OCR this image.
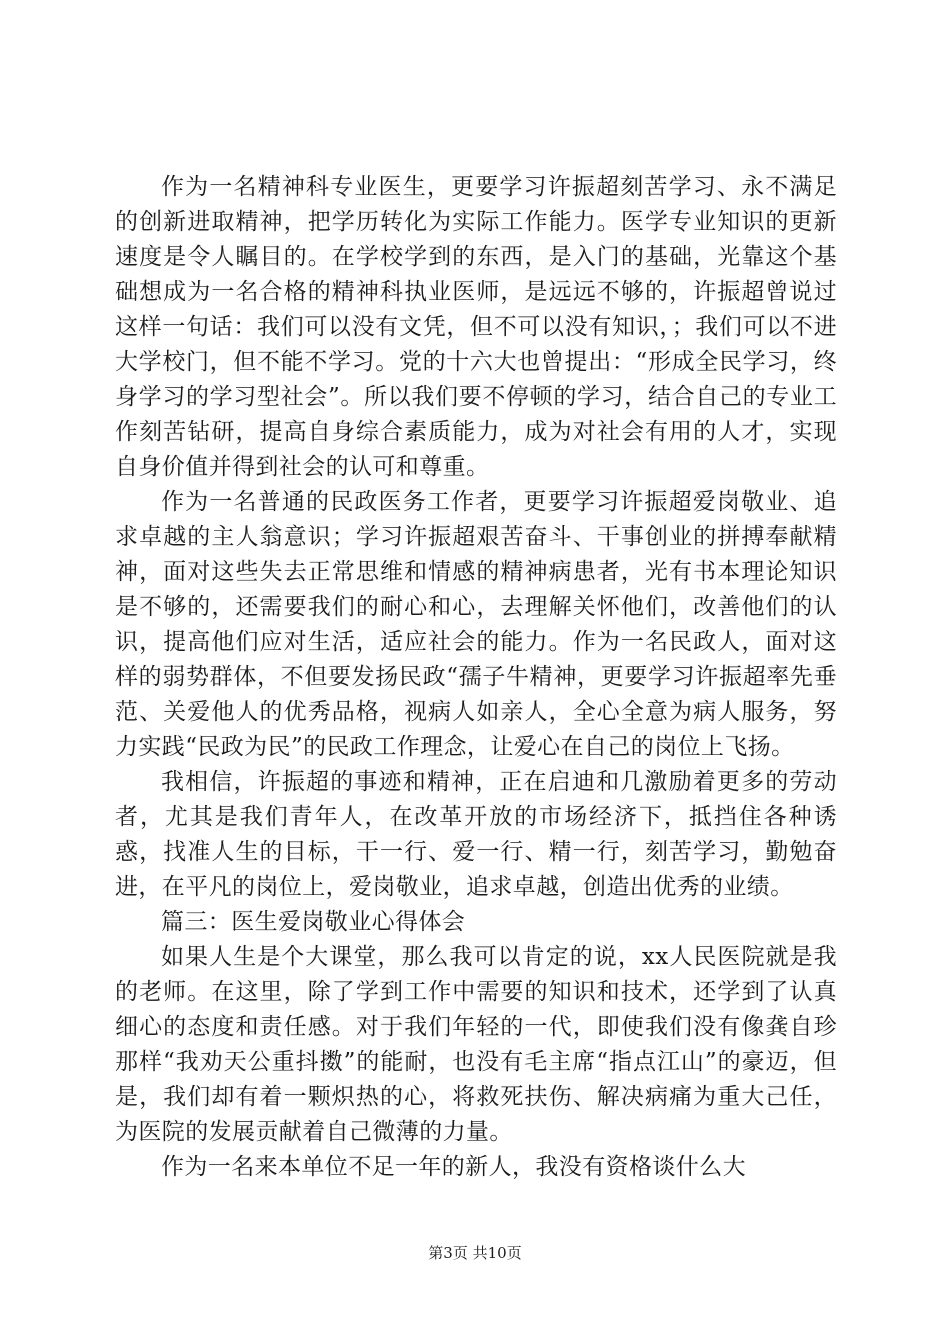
作为一名精神科专业医生，更要学习许振超刻苦学习、永不满足的创新进取精神，把学历转化为实际工作能力。医学专业知识的更新速度是令人瞩目的。在学校学到的东西，是入门的基础，光靠这个基础想成为一名合格的精神科执业医师，是远远不够的，许振超曾说过这样一句话：我们可以没有文凭，但不可以没有知识，；我们可以不进大学校门，但不能不学习。党的十六大也曾提出：“形成全民学习，终身学习的学习型社会”。所以我们要不停顿的学习，结合自己的专业工作刻苦钻研，提高自身综合素质能力，成为对社会有用的人才，实现自身价值并得到社会的认可和尊重。

作为一名普通的民政医务工作者，更要学习许振超爱岗敬业、追求卓越的主人翁意识；学习许振超艰苦奋斗、干事创业的拼搏奉献精神，面对这些失去正常思维和情感的精神病患者，光有书本理论知识是不够的，还需要我们的耐心和心，去理解关怀他们，改善他们的认识，提高他们应对生活，适应社会的能力。作为一名民政人，面对这样的弱势群体，不但要发扬民政“孺子牛精神，更要学习许振超率先垂范、关爱他人的优秀品格，视病人如亲人，全心全意为病人服务，努力实践“民政为民”的民政工作理念，让爱心在自己的岗位上飞扬。

我相信，许振超的事迹和精神，正在启迪和几激励着更多的劳动者，尤其是我们青年人，在改革开放的市场经济下，抵挡住各种诱惑，找准人生的目标，干一行、爱一行、精一行，刻苦学习，勤勉奋进，在平凡的岗位上，爱岗敬业，追求卓越，创造出优秀的业绩。

篇三：医生爱岗敬业心得体会

如果人生是个大课堂，那么我可以肯定的说，xx人民医院就是我的老师。在这里，除了学到工作中需要的知识和技术，还学到了认真细心的态度和责任感。对于我们年轻的一代，即使我们没有像龚自珍那样“我劝天公重抖擞”的能耐，也没有毛主席“指点江山”的豪迈，但是，我们却有着一颗炽热的心，将救死扶伤、解决病痛为重大己任，为医院的发展贡献着自己微薄的力量。

作为一名来本单位不足一年的新人，我没有资格谈什么大

第3页 共10页
